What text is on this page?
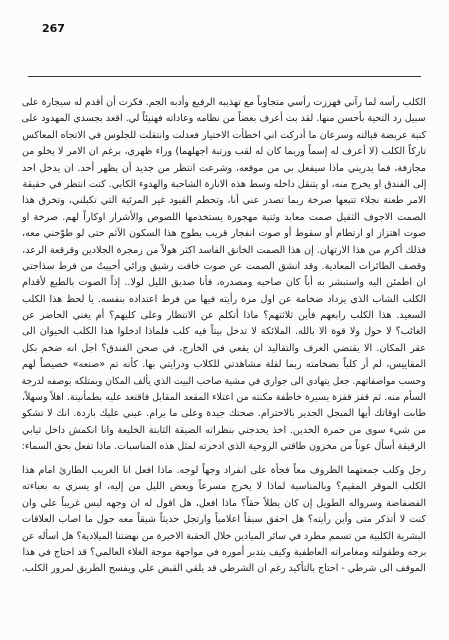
267
الكلب رأسه لما رآني فهززت رأسي متجاوباً مع تهذيبه الرفيع وأدبه الجم. فكرت أن أقدم له سيجارة على
سبيل رد التحية بأحسن منها. لقد بت أعرف بعضاً من نظامه وعاداته فهنيئاً لي. اقعد بجسدي المهدود على
كنبة عريضة قبالته وسرعان ما أدركت اني اخطأت الاختيار فعدلت وانتقلت للجلوس في الاتجاه المعاكس
تاركاً الكلب (لا أعرف له إسماً وربما كان له لقب ورتبة اجهلهما) وراء ظهري، برغم ان الامر لا يخلو من
مجازفة، فما يدريني ماذا سيفعل بي من موقعه، وشرعت انتظر من جديد أن يظهر أحد. ان يدخل احد
إلى الفندق او يخرج منه، او يتنقل داخله وسط هذه الانارة الشاحبة والهدوء الكابي. كنت انتظر في حقيقة
الامر طعنة نجلاء تتبعها صرخة ربما تصدر عني أنا، وتحطم القيود غير المرئية التي تكبلني، وتخرق هذا
الصمت الاجوف الثقيل صمت معابد وثنية مهجورة يستخدمها اللصوص والأشرار اوكاراً لهم. صرخة او
صوت اهتزاز او ارتطام أو سقوط أو صوت انفجار قريب يطوح هذا السكون الآثم حتى لو طوّحني معه،
فذلك أكرم من هذا الارتهان. إن هذا الصمت الخانق الفاسد اكثر هولاً من زمجرة الجلادين وقرقعة الرعد،
وقصف الطائرات المعادية. وقد انشق الصمت عن صوت خافت رشيق ورائي أحييتُ من فرط سذاجتي
ان اطمئن اليه واستبشر به أياً كان صاحبه ومصدره، فأنا صديق الليل لولا.. إذاً الصوت بالطبع لأقدام
الكلب الشاب الذي يزداد ضخامة عن اول مرة رأيته فيها من فرط اعتداده بنفسه. يا لحظ هذا الكلب
السعيد. هذا الكلب رابعهم فأين ثلاثتهم؟ ماذا أتكلم عن الانتظار وعلى كليهم؟ أم يغني الحاضر عن
الغائب؟ لا حول ولا قوة الا بالله. الملائكة لا تدخل بيتاً فيه كلب فلماذا ادخلوا هذا الكلب الحيوان الى
عقر المكان. الا يقتضي العرف والتقاليد ان يقعي في الخارج، في صحن الفندق؟ اجل انه ضخم بكل
المقاييس، لم أر كلباً بضخامته ربما لقلة مشاهدتي للكلاب ودرايتي بها. كأنه تم «صنعه» خصيصاً لهم
وحسب مواصفاتهم. جعل يتهادى الى جواري في مشية صاحب البيت الذي يألف المكان ويمتلكه بوصفه لدرجة
السأم منه. ثم قفز قفزة يسيرة خاطفة مكنته من اعتلاء المقعد المقابل فاقتعد عليه بطمأنينة. اهلاً وسهلاً،
طابت اوقاتك أيها المبجل الجدير بالاحترام. صحتك جيدة وعلى ما يرام. عيني عليك باردة. انك لا تشكو
من شيء سوى من حمرة الخدين. اخذ يحدجني بنظراته الضيقة الثابتة الخليعة وانا انكمش داخل ثيابي
الرقيقة أسأل عوناً من مخزون طاقتي الروحية الذي ادخرته لمثل هذه المناسبات. ماذا تفعل بحق السماء:
رجل وكلب جمعتهما الظروف معاً فجأة على انفراد وجهاً لوجه. ماذا افعل انا الغريب الطارئ امام هذا
الكلب الموقر المقيم؟ وبالمناسبة لماذا لا يخرج مسرعاً ويعض الليل من إليه، او يسري به بعباءته
الفضفاضة وسرواله الطويل إن كان بطلاً حقاً؟ ماذا افعل، هل اقول له ان وجهه ليس غريباً علي وان
كنت لا أتذكر متى وأين رأيته؟ هل احقق سبقاً اعلامياً وارتجل حديثاً شيقاً معه حول ما اصاب العلاقات
البشرية الكلبية من تسمم مطرد في سائر الميادين خلال الحقبة الاخيرة من نهضتنا الميلادية؟ هل اسأله عن
برجه وطفولته ومغامراته العاطفية وكيف يتدبر أموره في مواجهة موجة الغلاء العالمي؟ قد احتاج في هذا
الموقف الى شرطي - احتاج بالتأكيد رغم ان الشرطي قد يلقي القبض علي ويفسح الطريق لمرور الكلب.
